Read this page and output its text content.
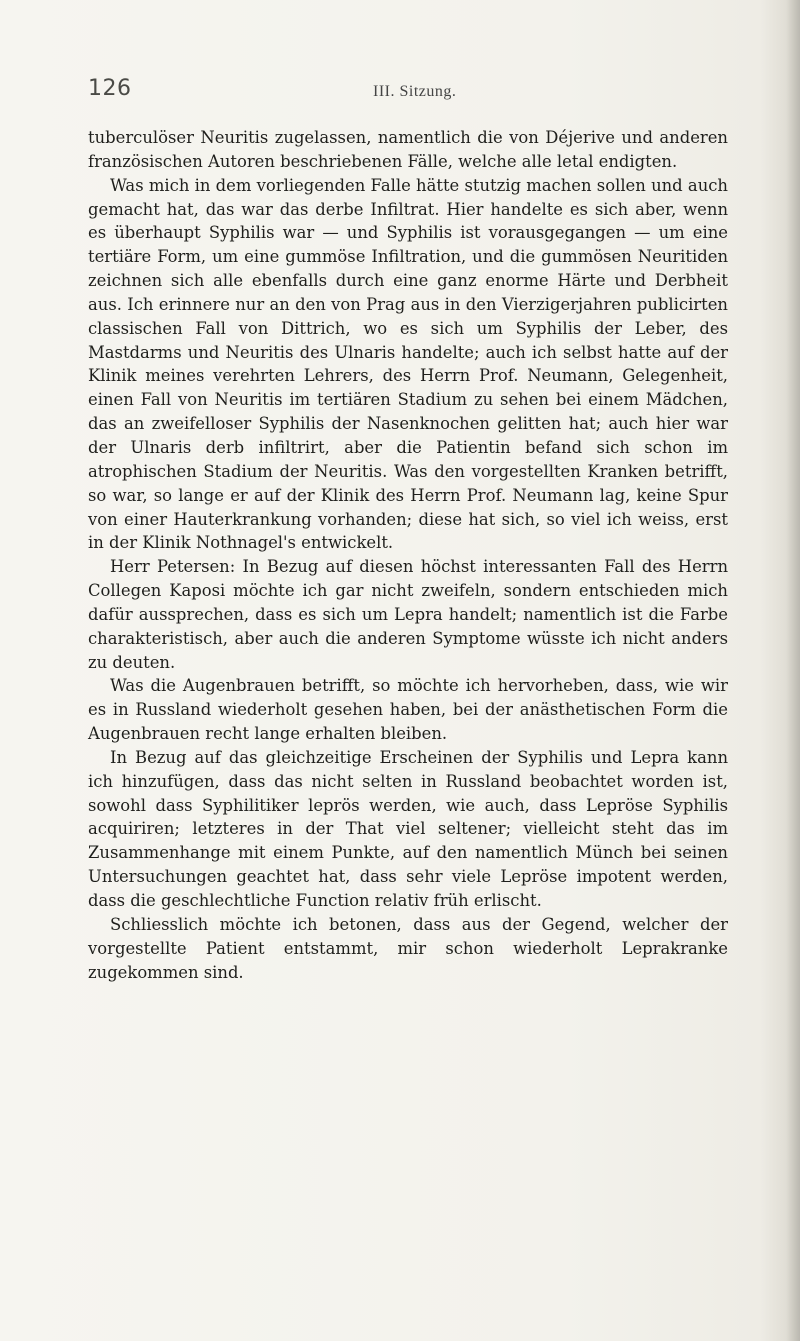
126	III. Sitzung.

tuberculöser Neuritis zugelassen, namentlich die von Déjerive und anderen französischen Autoren beschriebenen Fälle, welche alle letal endigten.

Was mich in dem vorliegenden Falle hätte stutzig machen sollen und auch gemacht hat, das war das derbe Infiltrat. Hier handelte es sich aber, wenn es überhaupt Syphilis war — und Syphilis ist vorausgegangen — um eine tertiäre Form, um eine gummöse Infiltration, und die gummösen Neuritiden zeichnen sich alle ebenfalls durch eine ganz enorme Härte und Derbheit aus. Ich erinnere nur an den von Prag aus in den Vierzigerjahren publicirten classischen Fall von Dittrich, wo es sich um Syphilis der Leber, des Mastdarms und Neuritis des Ulnaris handelte; auch ich selbst hatte auf der Klinik meines verehrten Lehrers, des Herrn Prof. Neumann, Gelegenheit, einen Fall von Neuritis im tertiären Stadium zu sehen bei einem Mädchen, das an zweifelloser Syphilis der Nasenknochen gelitten hat; auch hier war der Ulnaris derb infiltrirt, aber die Patientin befand sich schon im atrophischen Stadium der Neuritis. Was den vorgestellten Kranken betrifft, so war, so lange er auf der Klinik des Herrn Prof. Neumann lag, keine Spur von einer Hauterkrankung vorhanden; diese hat sich, so viel ich weiss, erst in der Klinik Nothnagel's entwickelt.

Herr Petersen: In Bezug auf diesen höchst interessanten Fall des Herrn Collegen Kaposi möchte ich gar nicht zweifeln, sondern entschieden mich dafür aussprechen, dass es sich um Lepra handelt; namentlich ist die Farbe charakteristisch, aber auch die anderen Symptome wüsste ich nicht anders zu deuten.

Was die Augenbrauen betrifft, so möchte ich hervorheben, dass, wie wir es in Russland wiederholt gesehen haben, bei der anästhetischen Form die Augenbrauen recht lange erhalten bleiben.

In Bezug auf das gleichzeitige Erscheinen der Syphilis und Lepra kann ich hinzufügen, dass das nicht selten in Russland beobachtet worden ist, sowohl dass Syphilitiker leprös werden, wie auch, dass Lepröse Syphilis acquiriren; letzteres in der That viel seltener; vielleicht steht das im Zusammenhange mit einem Punkte, auf den namentlich Münch bei seinen Untersuchungen geachtet hat, dass sehr viele Lepröse impotent werden, dass die geschlechtliche Function relativ früh erlischt.

Schliesslich möchte ich betonen, dass aus der Gegend, welcher der vorgestellte Patient entstammt, mir schon wiederholt Leprakranke zugekommen sind.
